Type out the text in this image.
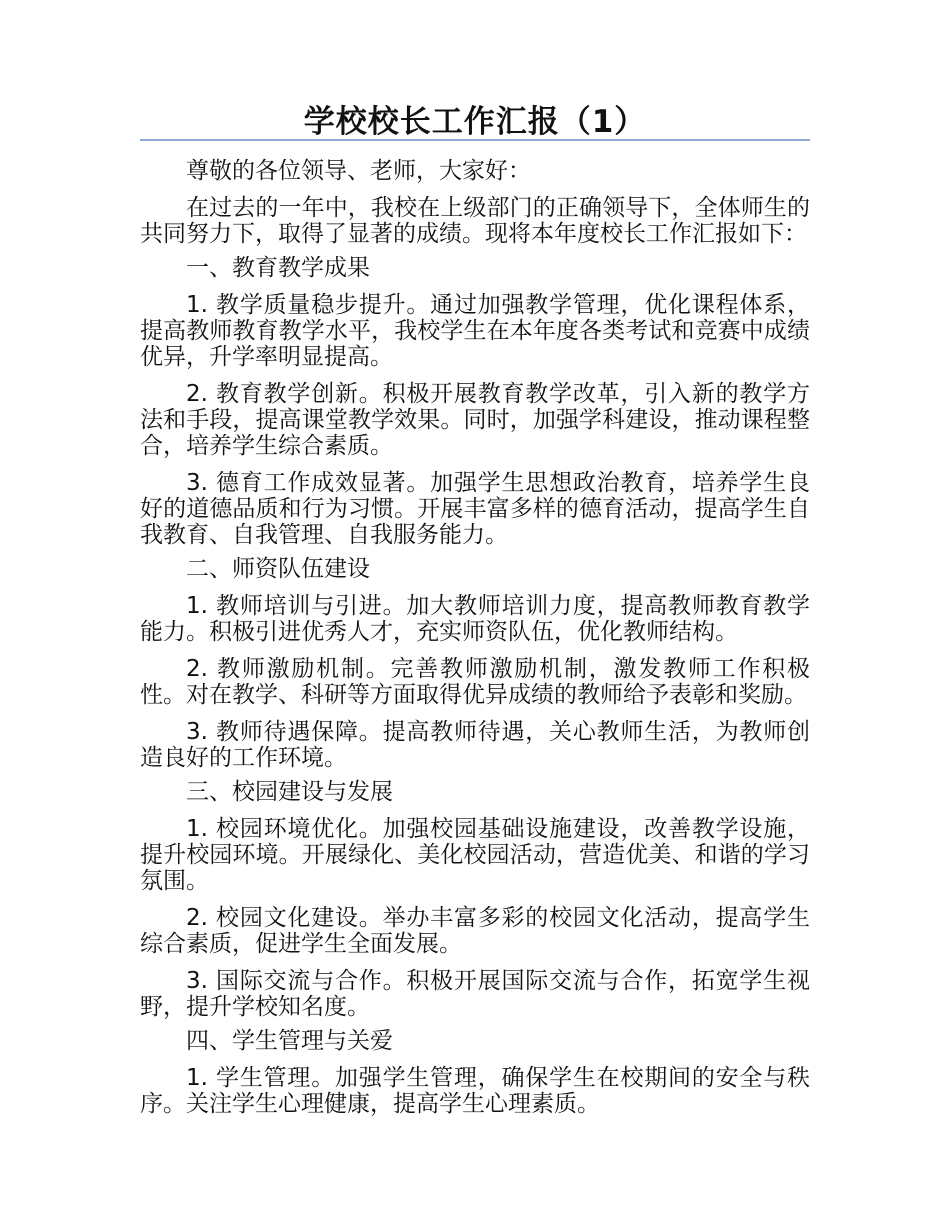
学校校长工作汇报（1）

尊敬的各位领导、老师，大家好：

在过去的一年中，我校在上级部门的正确领导下，全体师生的共同努力下，取得了显著的成绩。现将本年度校长工作汇报如下：

一、教育教学成果

1. 教学质量稳步提升。通过加强教学管理，优化课程体系，提高教师教育教学水平，我校学生在本年度各类考试和竞赛中成绩优异，升学率明显提高。

2. 教育教学创新。积极开展教育教学改革，引入新的教学方法和手段，提高课堂教学效果。同时，加强学科建设，推动课程整合，培养学生综合素质。

3. 德育工作成效显著。加强学生思想政治教育，培养学生良好的道德品质和行为习惯。开展丰富多样的德育活动，提高学生自我教育、自我管理、自我服务能力。

二、师资队伍建设

1. 教师培训与引进。加大教师培训力度，提高教师教育教学能力。积极引进优秀人才，充实师资队伍，优化教师结构。

2. 教师激励机制。完善教师激励机制，激发教师工作积极性。对在教学、科研等方面取得优异成绩的教师给予表彰和奖励。

3. 教师待遇保障。提高教师待遇，关心教师生活，为教师创造良好的工作环境。

三、校园建设与发展

1. 校园环境优化。加强校园基础设施建设，改善教学设施，提升校园环境。开展绿化、美化校园活动，营造优美、和谐的学习氛围。

2. 校园文化建设。举办丰富多彩的校园文化活动，提高学生综合素质，促进学生全面发展。

3. 国际交流与合作。积极开展国际交流与合作，拓宽学生视野，提升学校知名度。

四、学生管理与关爱

1. 学生管理。加强学生管理，确保学生在校期间的安全与秩序。关注学生心理健康，提高学生心理素质。
